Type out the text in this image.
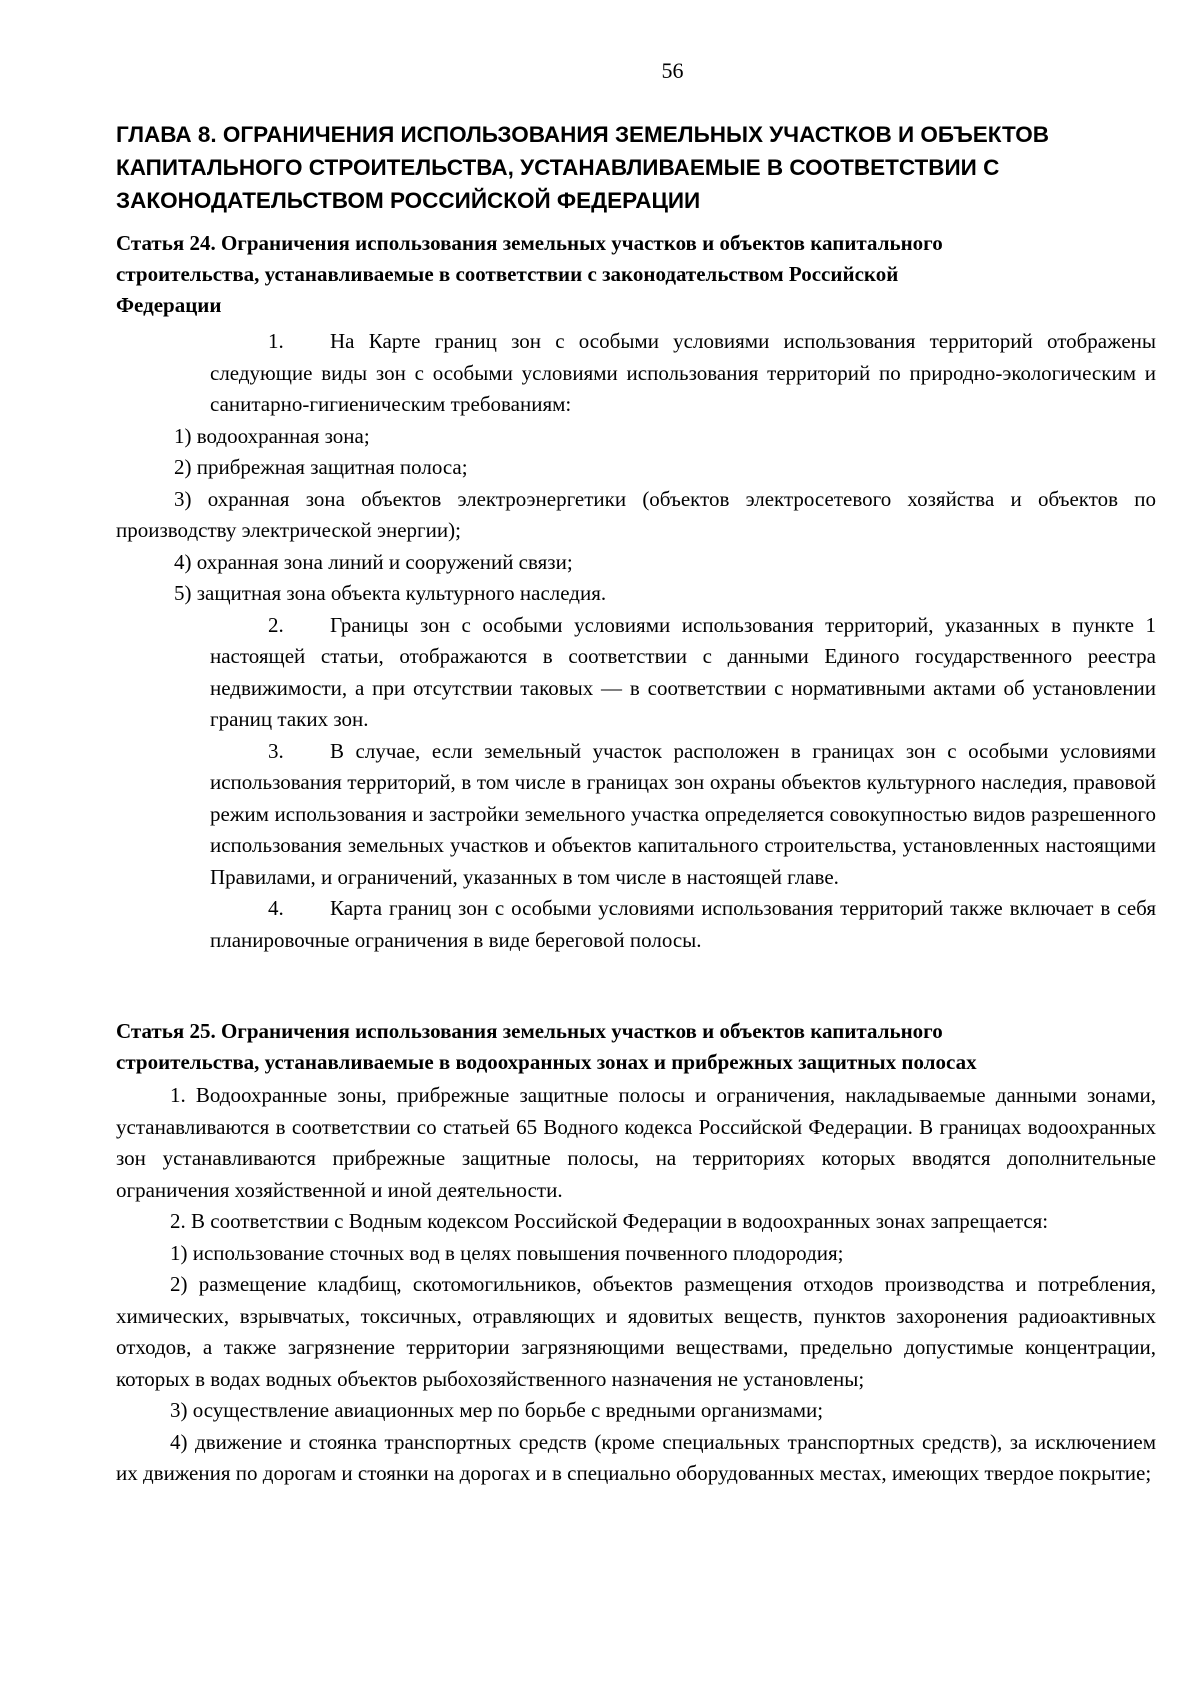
56
ГЛАВА 8. ОГРАНИЧЕНИЯ ИСПОЛЬЗОВАНИЯ ЗЕМЕЛЬНЫХ УЧАСТКОВ И ОБЪЕКТОВ
КАПИТАЛЬНОГО СТРОИТЕЛЬСТВА, УСТАНАВЛИВАЕМЫЕ В СООТВЕТСТВИИ С
ЗАКОНОДАТЕЛЬСТВОМ РОССИЙСКОЙ ФЕДЕРАЦИИ
Статья 24. Ограничения использования земельных участков и объектов капитального
строительства, устанавливаемые в соответствии с законодательством Российской
Федерации
1.	На Карте границ зон с особыми условиями использования территорий отображены следующие виды зон с особыми условиями использования территорий по природно-экологическим и санитарно-гигиеническим требованиям:
1) водоохранная зона;
2) прибрежная защитная полоса;
3) охранная зона объектов электроэнергетики (объектов электросетевого хозяйства и объектов по производству электрической энергии);
4) охранная зона линий и сооружений связи;
5) защитная зона объекта культурного наследия.
2.	Границы зон с особыми условиями использования территорий, указанных в пункте 1 настоящей статьи, отображаются в соответствии с данными Единого государственного реестра недвижимости, а при отсутствии таковых — в соответствии с нормативными актами об установлении границ таких зон.
3.	В случае, если земельный участок расположен в границах зон с особыми условиями использования территорий, в том числе в границах зон охраны объектов культурного наследия, правовой режим использования и застройки земельного участка определяется совокупностью видов разрешенного использования земельных участков и объектов капитального строительства, установленных настоящими Правилами, и ограничений, указанных в том числе в настоящей главе.
4.	Карта границ зон с особыми условиями использования территорий также включает в себя планировочные ограничения в виде береговой полосы.
Статья 25. Ограничения использования земельных участков и объектов капитального
строительства, устанавливаемые в водоохранных зонах и прибрежных защитных полосах
1. Водоохранные зоны, прибрежные защитные полосы и ограничения, накладываемые данными зонами, устанавливаются в соответствии со статьей 65 Водного кодекса Российской Федерации. В границах водоохранных зон устанавливаются прибрежные защитные полосы, на территориях которых вводятся дополнительные ограничения хозяйственной и иной деятельности.
2. В соответствии с Водным кодексом Российской Федерации в водоохранных зонах запрещается:
1) использование сточных вод в целях повышения почвенного плодородия;
2) размещение кладбищ, скотомогильников, объектов размещения отходов производства и потребления, химических, взрывчатых, токсичных, отравляющих и ядовитых веществ, пунктов захоронения радиоактивных отходов, а также загрязнение территории загрязняющими веществами, предельно допустимые концентрации, которых в водах водных объектов рыбохозяйственного назначения не установлены;
3) осуществление авиационных мер по борьбе с вредными организмами;
4) движение и стоянка транспортных средств (кроме специальных транспортных средств), за исключением их движения по дорогам и стоянки на дорогах и в специально оборудованных местах, имеющих твердое покрытие;
